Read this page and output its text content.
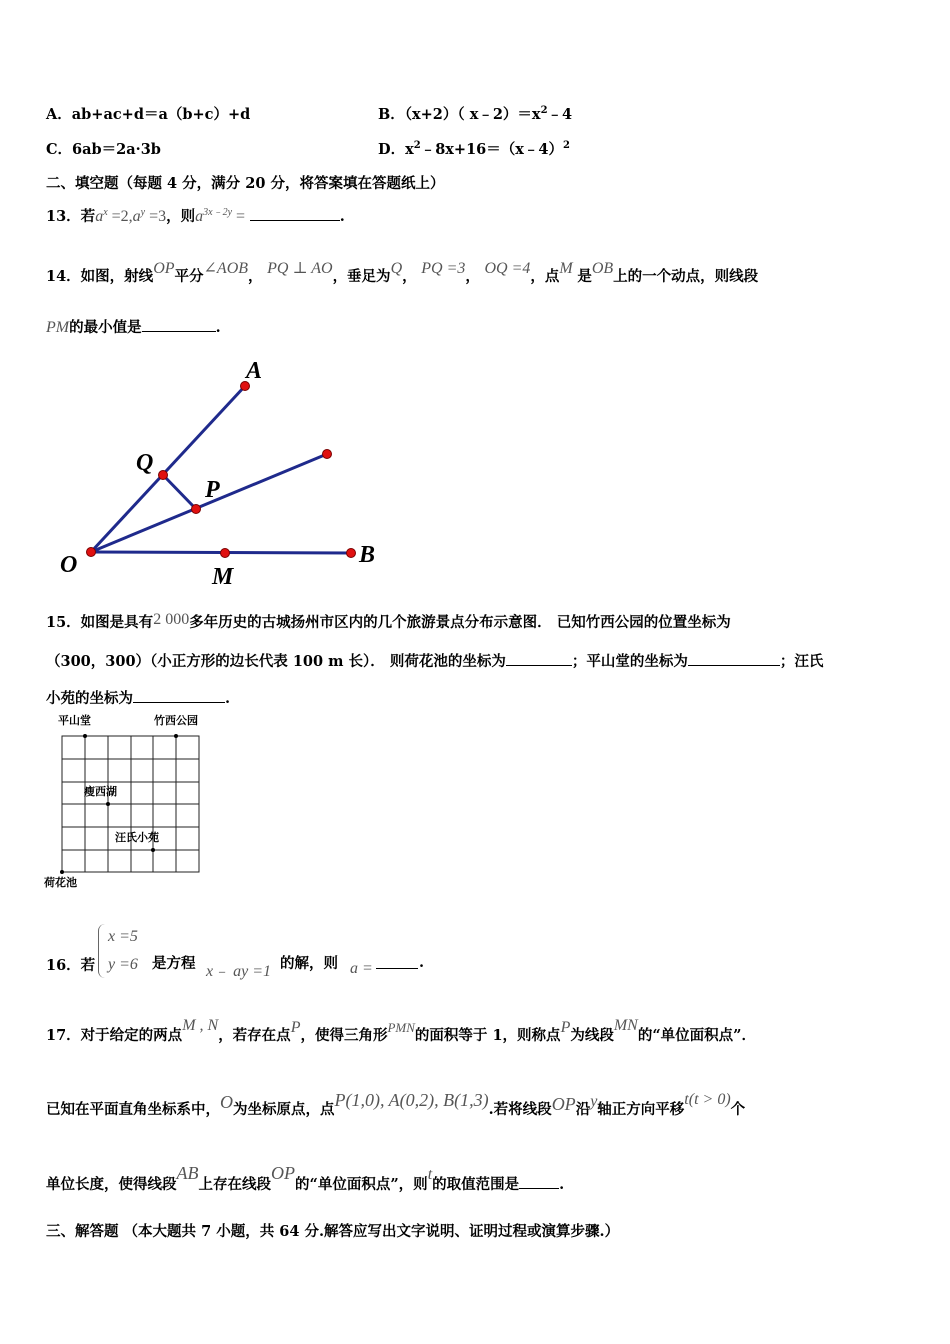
A．ab+ac+d＝a（b+c）+d	B．（x+2）（ $x﹣2)=x^2﹣4$
C．6ab＝2a·3b	D．$x^2﹣8x+16=(x﹣4)^2$
二、填空题（每题 4 分，满分 20 分，将答案填在答题纸上）
13．若$a^x =2,a^y =3$，则$a^{3x﹣2y}$ =	.
14．如图，射线OP平分∠AOB， PQ ⊥ AO，垂足为Q， PQ =3， OQ =4，点M 是OB上的一个动点，则线段
PM的最小值是	.
A
Q
P
O	M
B
15．如图是具有2 000多年历史的古城扬州市区内的几个旅游景点分布示意图． 已知竹西公园的位置坐标为
（300，300）（小正方形的边长代表 100 m 长）． 则荷花池的坐标为	；平山堂的坐标为	；汪氏
小苑的坐标为	.
平山堂	竹西公园
瘦西湖
汪氏小苑
荷花池
16．若
x =5
y =6 是方程 x﹣ ay =1 的解，则 a =	.
17．对于给定的两点M , N，若存在点P，使得三角形PMN的面积等于 1，则称点P为线段MN的“单位面积点”．
已知在平面直角坐标系中，O为坐标原点，点P(1,0), A(0,2), B(1,3).若将线段OP沿y轴正方向平移t(t > 0)个
单位长度，使得线段AB上存在线段OP的“单位面积点”，则t的取值范围是	.
三、解答题 （本大题共 7 小题，共 64 分.解答应写出文字说明、证明过程或演算步骤.）
